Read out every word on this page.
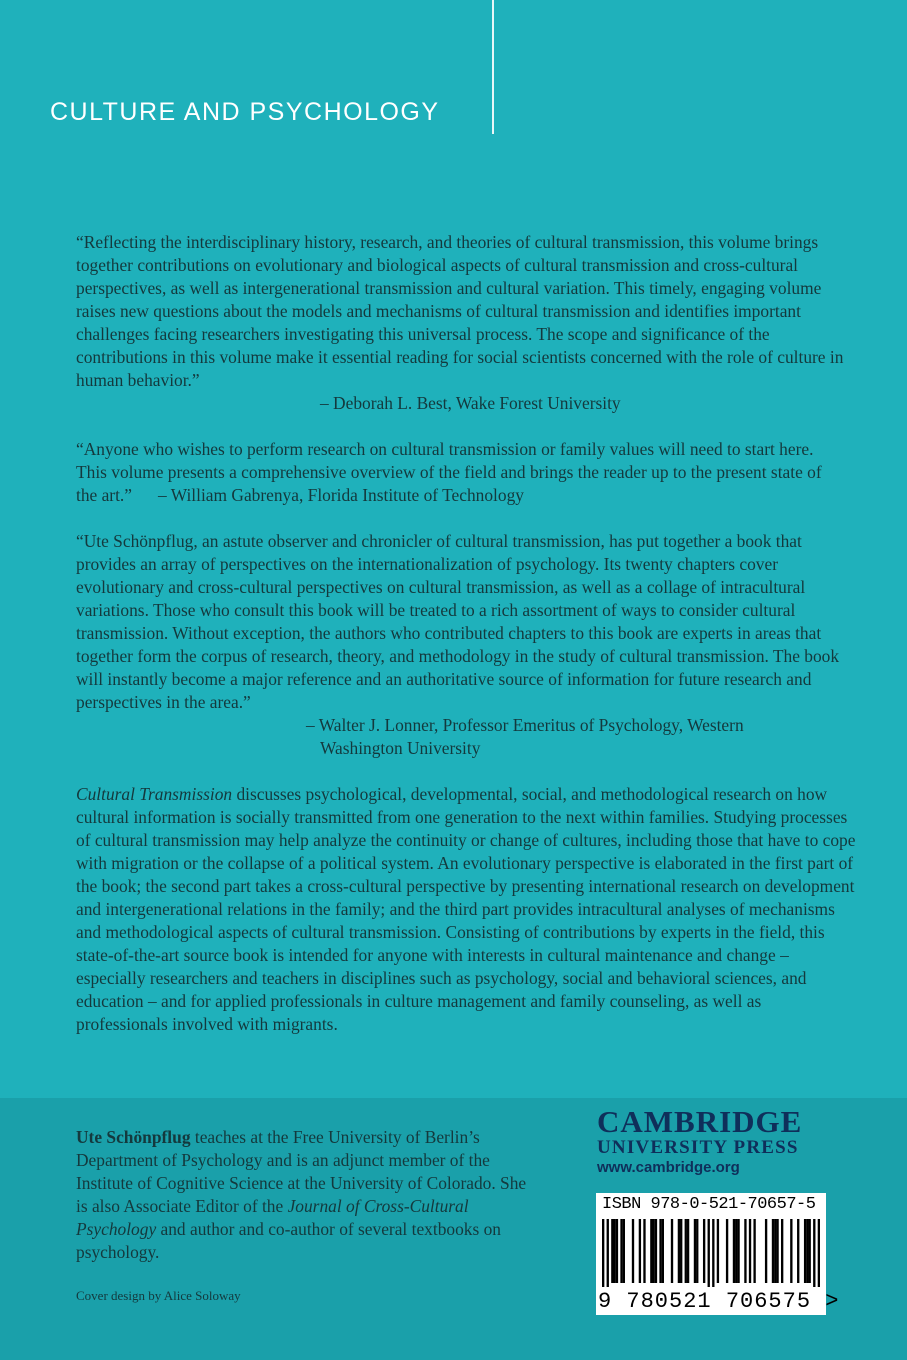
CULTURE AND PSYCHOLOGY

“Reflecting the interdisciplinary history, research, and theories of cultural transmission, this volume brings together contributions on evolutionary and biological aspects of cultural transmission and cross-cultural perspectives, as well as intergenerational transmission and cultural variation. This timely, engaging volume raises new questions about the models and mechanisms of cultural transmission and identifies important challenges facing researchers investigating this universal process. The scope and significance of the contributions in this volume make it essential reading for social scientists concerned with the role of culture in human behavior.”

– Deborah L. Best, Wake Forest University

“Anyone who wishes to perform research on cultural transmission or family values will need to start here. This volume presents a comprehensive overview of the field and brings the reader up to the present state of the art.” – William Gabrenya, Florida Institute of Technology

“Ute Schönpflug, an astute observer and chronicler of cultural transmission, has put together a book that provides an array of perspectives on the internationalization of psychology. Its twenty chapters cover evolutionary and cross-cultural perspectives on cultural transmission, as well as a collage of intracultural variations. Those who consult this book will be treated to a rich assortment of ways to consider cultural transmission. Without exception, the authors who contributed chapters to this book are experts in areas that together form the corpus of research, theory, and methodology in the study of cultural transmission. The book will instantly become a major reference and an authoritative source of information for future research and perspectives in the area.”

– Walter J. Lonner, Professor Emeritus of Psychology, Western
Washington University

Cultural Transmission discusses psychological, developmental, social, and methodological research on how cultural information is socially transmitted from one generation to the next within families. Studying processes of cultural transmission may help analyze the continuity or change of cultures, including those that have to cope with migration or the collapse of a political system. An evolutionary perspective is elaborated in the first part of the book; the second part takes a cross-cultural perspective by presenting international research on development and intergenerational relations in the family; and the third part provides intracultural analyses of mechanisms and methodological aspects of cultural transmission. Consisting of contributions by experts in the field, this state-of-the-art source book is intended for anyone with interests in cultural maintenance and change – especially researchers and teachers in disciplines such as psychology, social and behavioral sciences, and education – and for applied professionals in culture management and family counseling, as well as professionals involved with migrants.

Ute Schönpflug teaches at the Free University of Berlin’s Department of Psychology and is an adjunct member of the Institute of Cognitive Science at the University of Colorado. She is also Associate Editor of the Journal of Cross-Cultural Psychology and author and co-author of several textbooks on psychology.

Cover design by Alice Soloway
CAMBRIDGE
UNIVERSITY PRESS
www.cambridge.org
ISBN 978-0-521-70657-5
9 780521 706575 >
